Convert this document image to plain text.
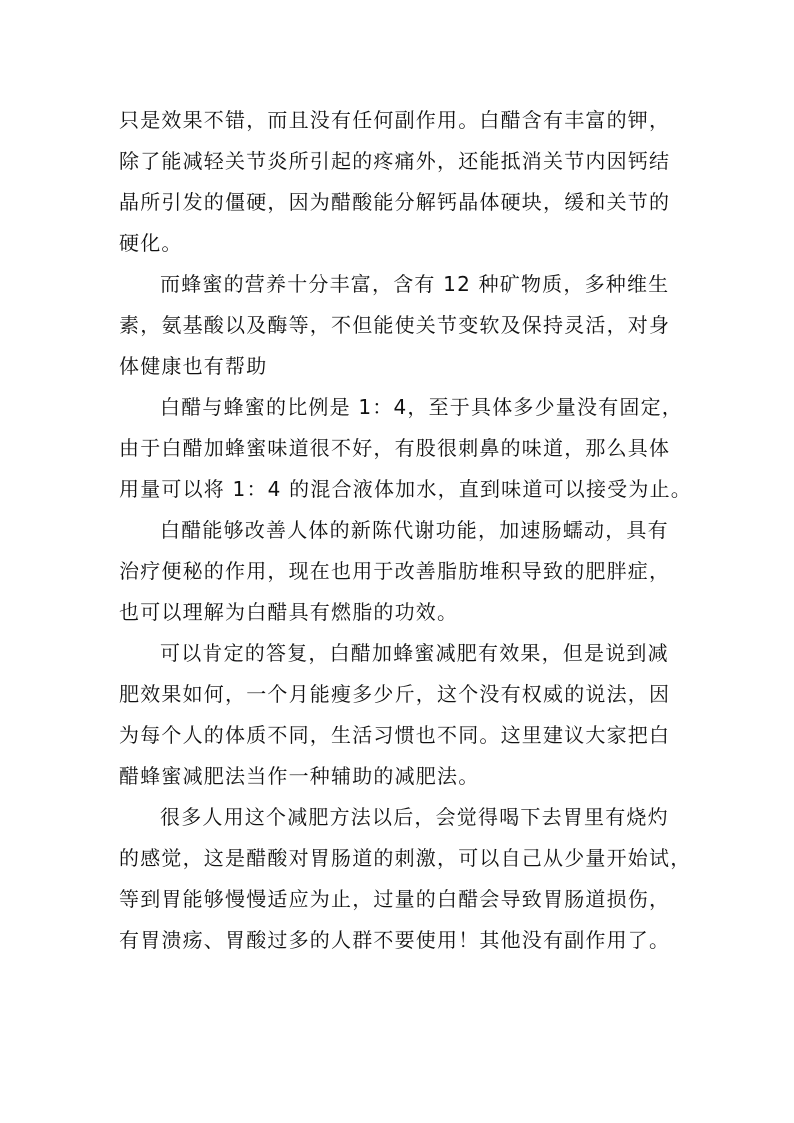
只是效果不错，而且没有任何副作用。白醋含有丰富的钾，
除了能减轻关节炎所引起的疼痛外，还能抵消关节内因钙结
晶所引发的僵硬，因为醋酸能分解钙晶体硬块，缓和关节的
硬化。
而蜂蜜的营养十分丰富，含有 12 种矿物质，多种维生
素，氨基酸以及酶等，不但能使关节变软及保持灵活，对身
体健康也有帮助
白醋与蜂蜜的比例是 1：4，至于具体多少量没有固定，
由于白醋加蜂蜜味道很不好，有股很刺鼻的味道，那么具体
用量可以将 1：4 的混合液体加水，直到味道可以接受为止。
白醋能够改善人体的新陈代谢功能，加速肠蠕动，具有
治疗便秘的作用，现在也用于改善脂肪堆积导致的肥胖症，
也可以理解为白醋具有燃脂的功效。
可以肯定的答复，白醋加蜂蜜减肥有效果，但是说到减
肥效果如何，一个月能瘦多少斤，这个没有权威的说法，因
为每个人的体质不同，生活习惯也不同。这里建议大家把白
醋蜂蜜减肥法当作一种辅助的减肥法。
很多人用这个减肥方法以后，会觉得喝下去胃里有烧灼
的感觉，这是醋酸对胃肠道的刺激，可以自己从少量开始试，
等到胃能够慢慢适应为止，过量的白醋会导致胃肠道损伤，
有胃溃疡、胃酸过多的人群不要使用！其他没有副作用了。
